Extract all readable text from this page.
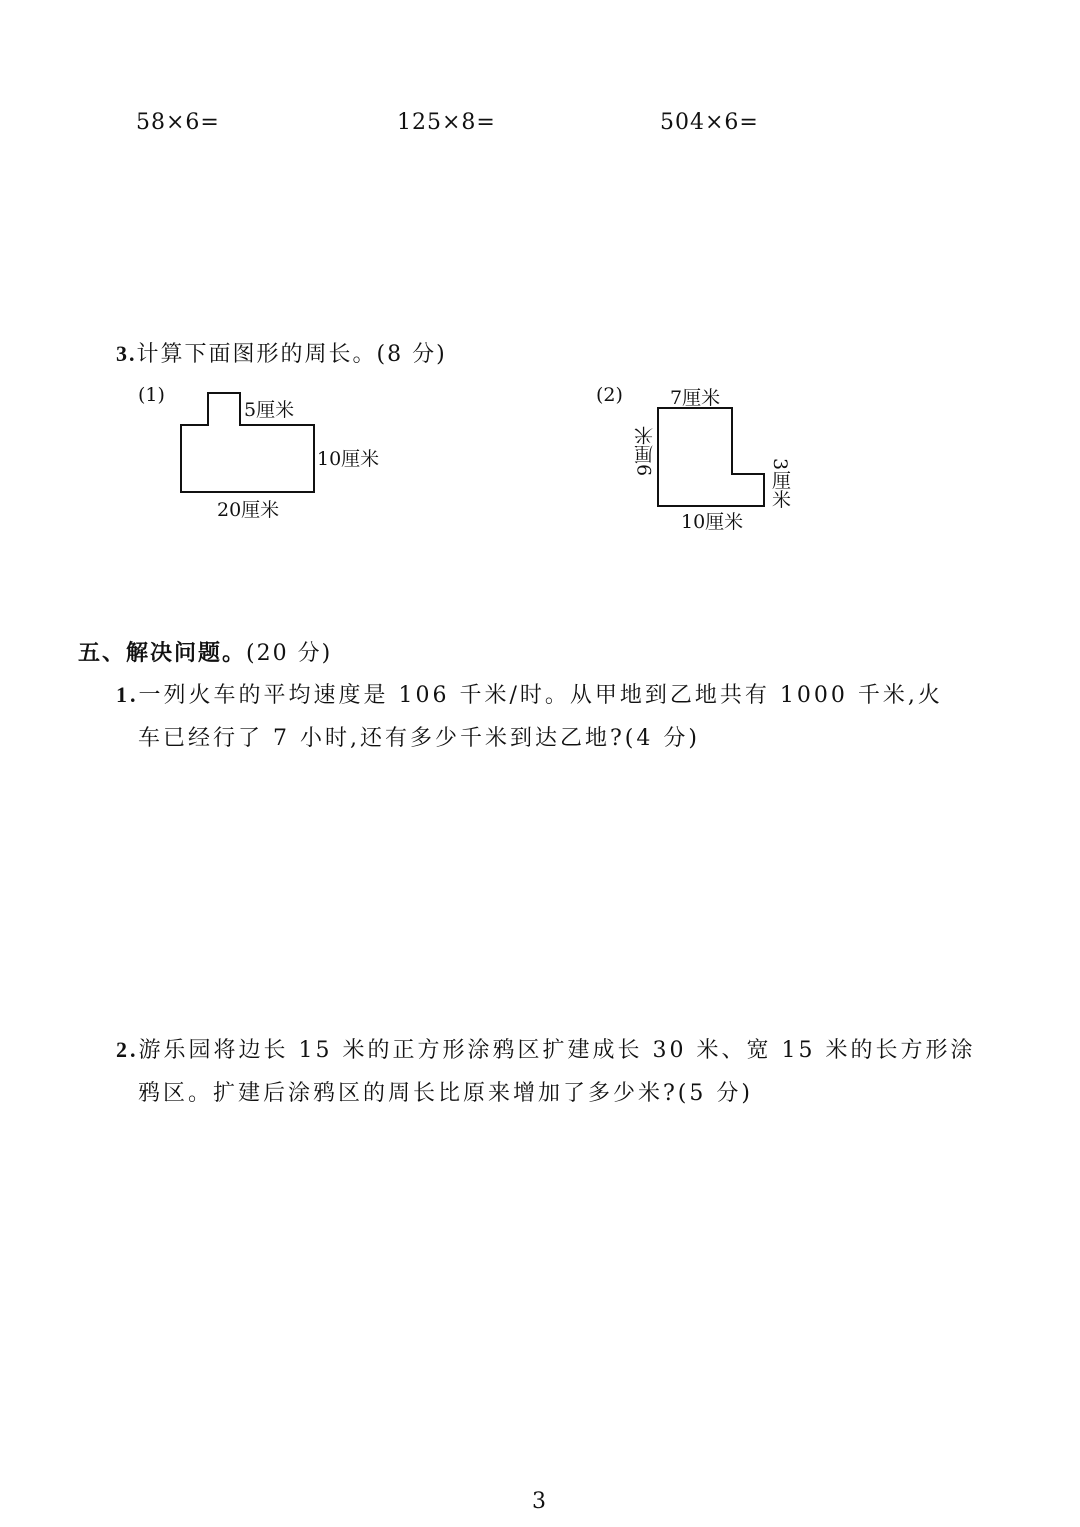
58×6=	125×8=	504×6=
3.计算下面图形的周长。(8 分)
(1)
5厘米
10厘米
20厘米
(2) 7厘米
9厘米
3厘米
10厘米
五、解决问题。(20 分)
1.一列火车的平均速度是 106 千米/时。从甲地到乙地共有 1000 千米,火
车已经行了 7 小时,还有多少千米到达乙地?(4 分)
2.游乐园将边长 15 米的正方形涂鸦区扩建成长 30 米、宽 15 米的长方形涂
鸦区。扩建后涂鸦区的周长比原来增加了多少米?(5 分)
3
